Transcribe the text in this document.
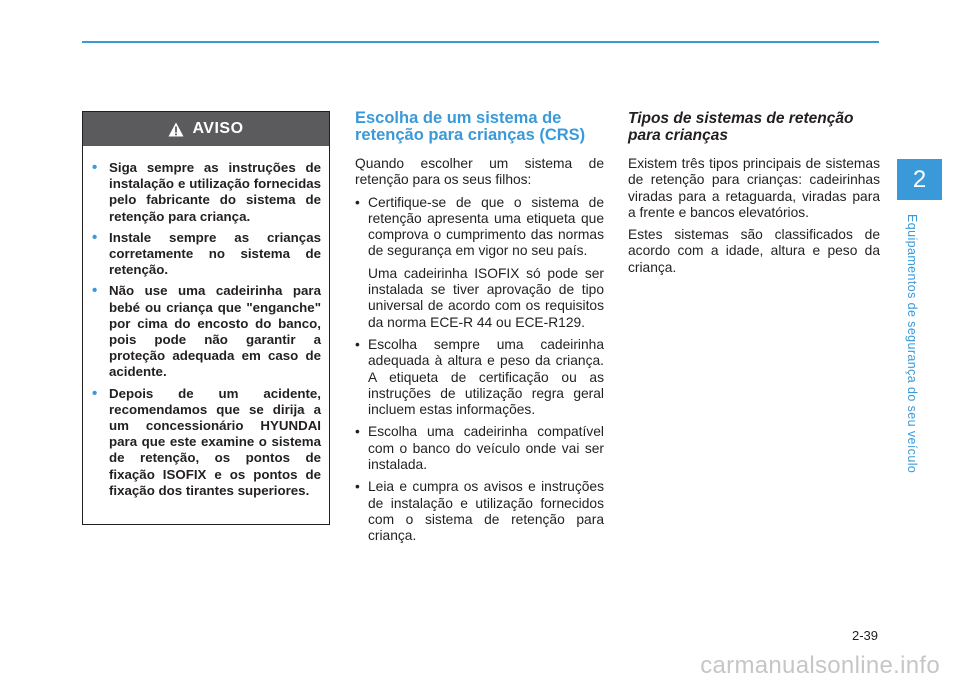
AVISO
• Siga sempre as instruções de instalação e utilização fornecidas pelo fabricante do sistema de retenção para criança.
• Instale sempre as crianças corretamente no sistema de retenção.
• Não use uma cadeirinha para bebé ou criança que "enganche" por cima do encosto do banco, pois pode não garantir a proteção adequada em caso de acidente.
• Depois de um acidente, recomendamos que se dirija a um concessionário HYUNDAI para que este examine o sistema de retenção, os pontos de fixação ISOFIX e os pontos de fixação dos tirantes superiores.
Escolha de um sistema de retenção para crianças (CRS)

Quando escolher um sistema de retenção para os seus filhos:

• Certifique-se de que o sistema de retenção apresenta uma etiqueta que comprova o cumprimento das normas de segurança em vigor no seu país.
Uma cadeirinha ISOFIX só pode ser instalada se tiver aprovação de tipo universal de acordo com os requisitos da norma ECE-R 44 ou ECE-R129.
• Escolha sempre uma cadeirinha adequada à altura e peso da criança. A etiqueta de certificação ou as instruções de utilização regra geral incluem estas informações.
• Escolha uma cadeirinha compatível com o banco do veículo onde vai ser instalada.
• Leia e cumpra os avisos e instruções de instalação e utilização fornecidos com o sistema de retenção para criança.
Tipos de sistemas de retenção para crianças

Existem três tipos principais de sistemas de retenção para crianças: cadeirinhas viradas para a retaguarda, viradas para a frente e bancos elevatórios.

Estes sistemas são classificados de acordo com a idade, altura e peso da criança.

2
Equipamentos de segurança do seu veículo
2-39
carmanualsonline.info
